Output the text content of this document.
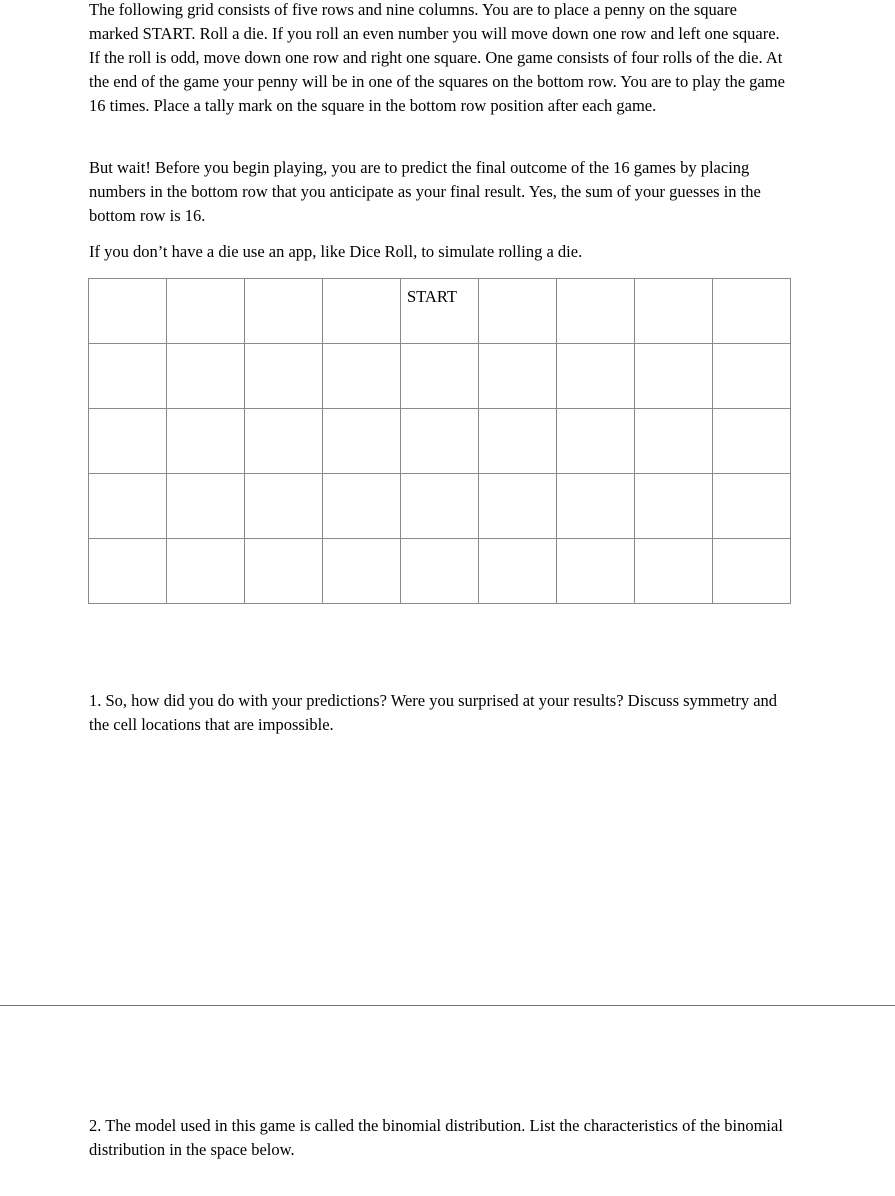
The following grid consists of five rows and nine columns. You are to place a penny on the square marked START. Roll a die. If you roll an even number you will move down one row and left one square. If the roll is odd, move down one row and right one square. One game consists of four rolls of the die. At the end of the game your penny will be in one of the squares on the bottom row. You are to play the game 16 times. Place a tally mark on the square in the bottom row position after each game.

But wait! Before you begin playing, you are to predict the final outcome of the 16 games by placing numbers in the bottom row that you anticipate as your final result. Yes, the sum of your guesses in the bottom row is 16.

If you don’t have a die use an app, like Dice Roll, to simulate rolling a die.

				START				

1. So, how did you do with your predictions? Were you surprised at your results? Discuss symmetry and the cell locations that are impossible.

2. The model used in this game is called the binomial distribution. List the characteristics of the binomial distribution in the space below.
